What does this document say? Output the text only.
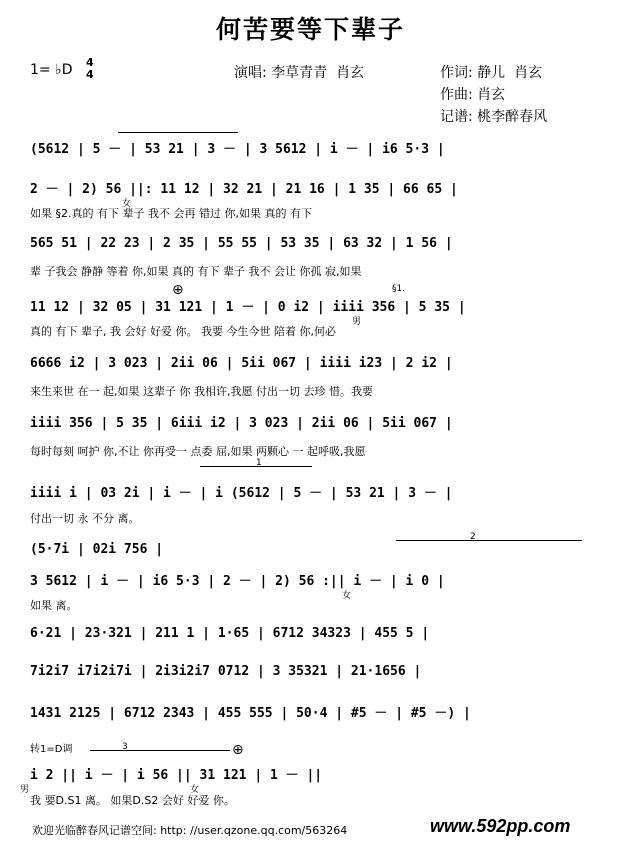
何苦要等下辈子
1= ♭D 4
4	演唱: 李草青青  肖玄	作词: 静儿  肖玄
作曲: 肖玄
记谱: 桃李醉春风
(5612 | 5 － | 53 21 | 3 － | 3 5612 | i － | i6 5·3 |
2 － | 2) 56 ||: 11 12 | 32 21 | 21 16 | 1 35 | 66 65 |
如果 §2.真的 有下 辈子 我不 会再 错过 你,如果 真的 有下
女
565 51 | 22 23 | 2 35 | 55 55 | 53 35 | 63 32 | 1 56 |
辈 子我会 静静 等着 你,如果 真的 有下 辈子 我不 会让 你孤 寂,如果
11 12 | 32 05 | 31 121 | 1 － | 0 i2 | iiii 356 | 5 35 |
真的 有下 辈子, 我 会好 好爱 你。 我要 今生今世 陪着 你,何必
⊕	§1.
男
6666 i2 | 3 023 | 2ii 06 | 5ii 067 | iiii i23 | 2 i2 |
来生来世 在一 起,如果 这辈子 你 我相许,我愿 付出一切 去珍 惜。我要
iiii 356 | 5 35 | 6iii i2 | 3 023 | 2ii 06 | 5ii 067 |
每时每刻 呵护 你,不让 你再受一 点委 屈,如果 两颗心 一 起呼吸,我愿
1
iiii i | 03 2i | i － | i (5612 | 5 － | 53 21 | 3 － |
付出一切 永 不分 离。
2
(5·7i | 02i 756 |
3 5612 | i － | i6 5·3 | 2 － | 2) 56 :|| i － | i 0 |
如果 离。
女
6·21 | 23·321 | 211 1 | 1·65 | 6712 34323 | 455 5 |
7i2i7 i7i2i7i | 2i3i2i7 0712 | 3 35321 | 21·1656 |
1431 2125 | 6712 2343 | 455 555 | 50·4 | #5 － | #5 －) |
转1=D调	3	⊕
i 2 || i － | i 56 || 31 121 | 1 － ||
我 要D.S1 离。 如果D.S2 会好 好爱 你。
男	女
欢迎光临醉春风记谱空间: http: //user.qzone.qq.com/563264	www.592pp.com
